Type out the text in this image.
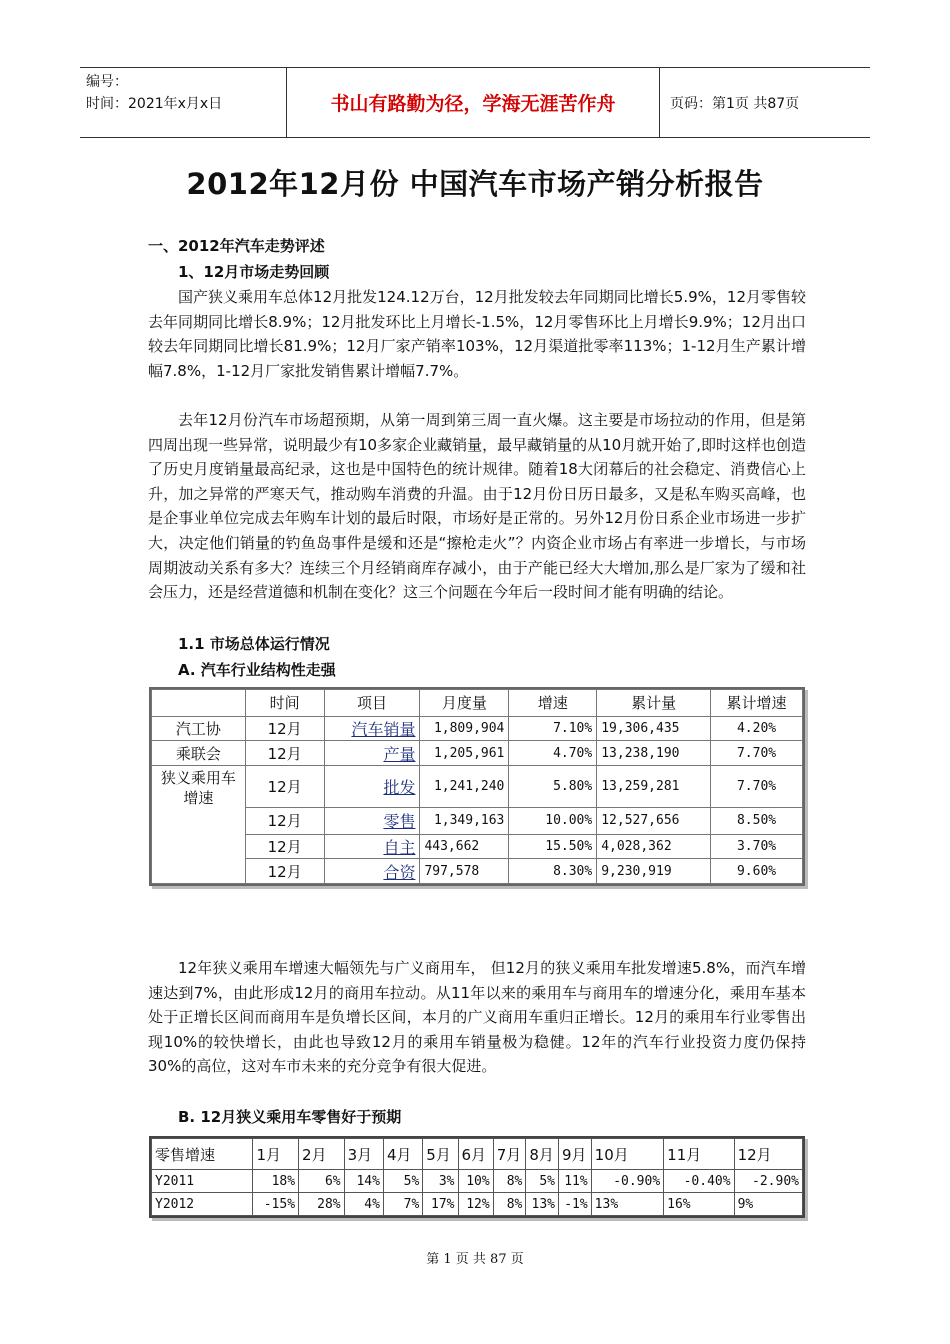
编号：
时间：2021年x月x日	书山有路勤为径，学海无涯苦作舟	页码：第1页 共87页
2012年12月份 中国汽车市场产销分析报告
一、2012年汽车走势评述
1、12月市场走势回顾

国产狭义乘用车总体12月批发124.12万台，12月批发较去年同期同比增长5.9%，12月零售较去年同期同比增长8.9%；12月批发环比上月增长-1.5%，12月零售环比上月增长9.9%；12月出口较去年同期同比增长81.9%；12月厂家产销率103%，12月渠道批零率113%；1-12月生产累计增幅7.8%，1-12月厂家批发销售累计增幅7.7%。

去年12月份汽车市场超预期，从第一周到第三周一直火爆。这主要是市场拉动的作用，但是第四周出现一些异常，说明最少有10多家企业藏销量，最早藏销量的从10月就开始了,即时这样也创造了历史月度销量最高纪录，这也是中国特色的统计规律。随着18大闭幕后的社会稳定、消费信心上升，加之异常的严寒天气，推动购车消费的升温。由于12月份日历日最多，又是私车购买高峰，也是企事业单位完成去年购车计划的最后时限，市场好是正常的。另外12月份日系企业市场进一步扩大，决定他们销量的钓鱼岛事件是缓和还是“擦枪走火”？内资企业市场占有率进一步增长，与市场周期波动关系有多大？连续三个月经销商库存减小，由于产能已经大大增加,那么是厂家为了缓和社会压力，还是经营道德和机制在变化？这三个问题在今年后一段时间才能有明确的结论。

1.1 市场总体运行情况
A. 汽车行业结构性走强
	时间	项目	月度量	增速	累计量	累计增速
汽工协	12月	汽车销量	1,809,904	7.10%	19,306,435	4.20%
乘联会	12月	产量	1,205,961	4.70%	13,238,190	7.70%
狭义乘用车增速	12月	批发	1,241,240	5.80%	13,259,281	7.70%
	12月	零售	1,349,163	10.00%	12,527,656	8.50%
	12月	自主	443,662	15.50%	4,028,362	3.70%
	12月	合资	797,578	8.30%	9,230,919	9.60%

12年狭义乘用车增速大幅领先与广义商用车， 但12月的狭义乘用车批发增速5.8%，而汽车增速达到7%，由此形成12月的商用车拉动。从11年以来的乘用车与商用车的增速分化，乘用车基本处于正增长区间而商用车是负增长区间，本月的广义商用车重归正增长。12月的乘用车行业零售出现10%的较快增长，由此也导致12月的乘用车销量极为稳健。12年的汽车行业投资力度仍保持30%的高位，这对车市未来的充分竞争有很大促进。

B. 12月狭义乘用车零售好于预期
零售增速	1月	2月	3月	4月	5月	6月	7月	8月	9月	10月	11月	12月
Y2011	18%	6%	14%	5%	3%	10%	8%	5%	11%	-0.90%	-0.40%	-2.90%
Y2012	-15%	28%	4%	7%	17%	12%	8%	13%	-1%	13%	16%	9%
第 1 页 共 87 页
